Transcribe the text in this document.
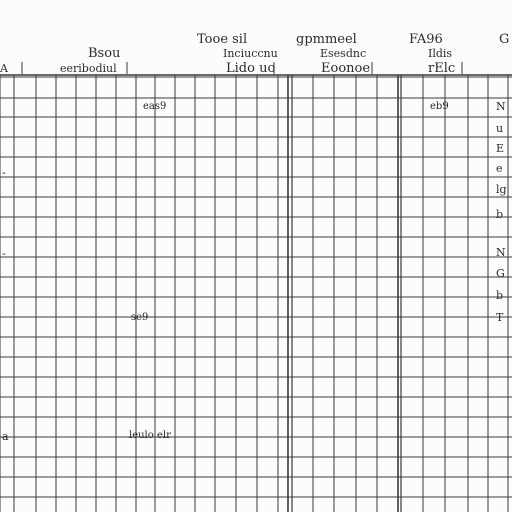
Bsou
eeribodiul
Tooe sil
Inciuccnu
Lido uo
gpmmeel
Esesdnc
Eoonoe
FA96
Ildis
rElc
G
A
eas9	eb9
se9
leulo elr
N
u
E
e
lg
b
N
G
b
T
-
-
a
